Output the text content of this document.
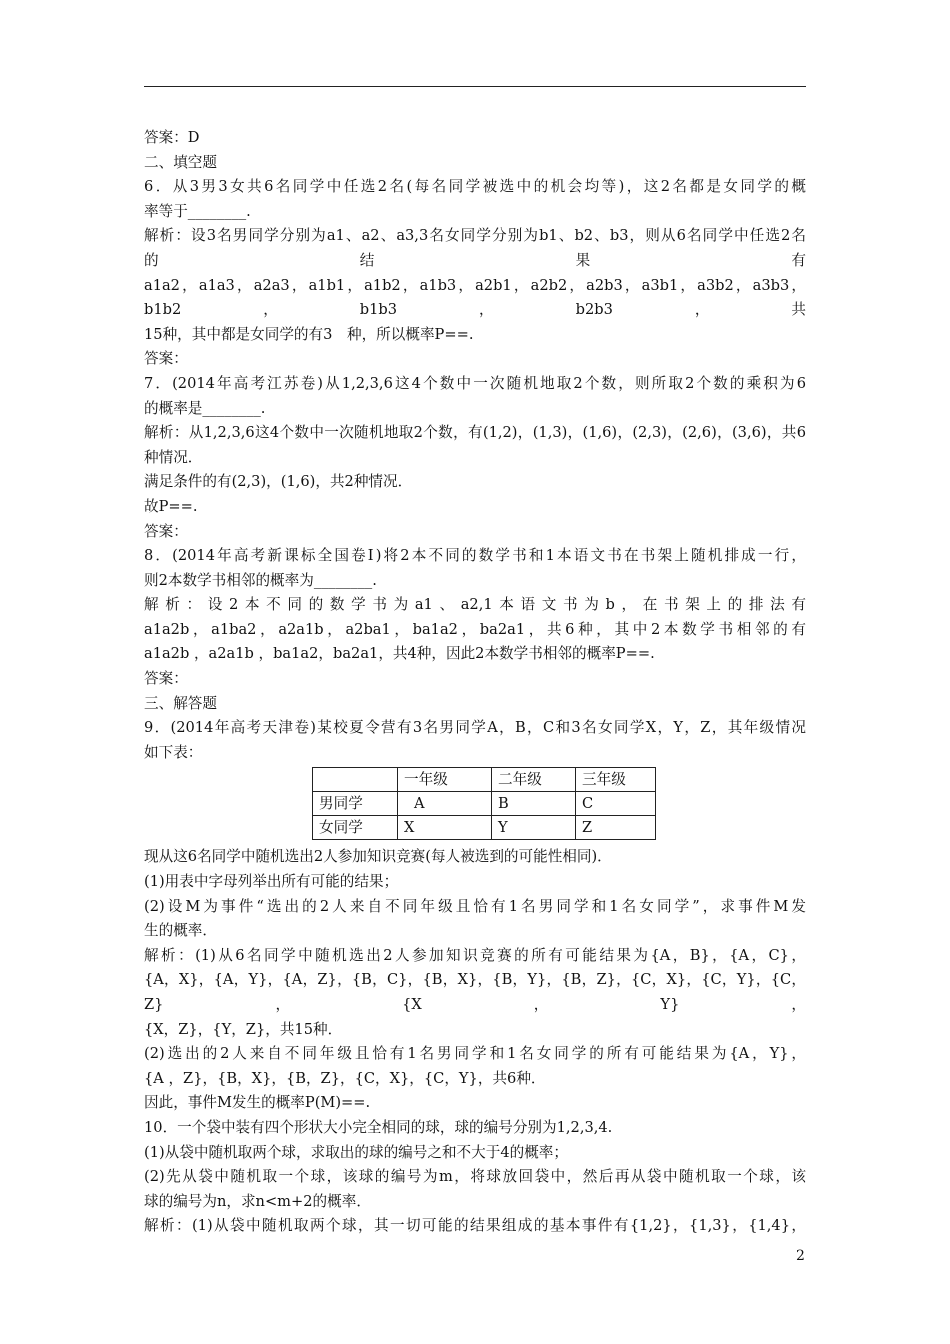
答案：D

二、填空题

6．从3男3女共6名同学中任选2名(每名同学被选中的机会均等)，这2名都是女同学的概

率等于________.

解析：设3名男同学分别为a1、a2、a3,3名女同学分别为b1、b2、b3，则从6名同学中任选2名

的 结 果 有

a1a2，a1a3，a2a3，a1b1，a1b2，a1b3，a2b1，a2b2，a2b3，a3b1，a3b2，a3b3，b1b2，b1b3，b2b3，共

15种，其中都是女同学的有3　种，所以概率P==.

答案：

7．(2014年高考江苏卷)从1,2,3,6这4个数中一次随机地取2个数，则所取2个数的乘积为6

的概率是________.

解析：从1,2,3,6这4个数中一次随机地取2个数，有(1,2)，(1,3)，(1,6)，(2,3)，(2,6)，(3,6)，共6

种情况．

满足条件的有(2,3)，(1,6)，共2种情况．

故P==.

答案：

8．(2014年高考新课标全国卷Ⅰ)将2本不同的数学书和1本语文书在书架上随机排成一行，

则2本数学书相邻的概率为________.

解析：设2本不同的数学书为a1、a2,1本语文书为b，在书架上的排法有

a1a2b，a1ba2，a2a1b，a2ba1，ba1a2，ba2a1，共6种，其中2本数学书相邻的有

a1a2b ，a2a1b ，ba1a2，ba2a1，共4种，因此2本数学书相邻的概率P==.

答案：

三、解答题

9．(2014年高考天津卷)某校夏令营有3名男同学A，B，C和3名女同学X，Y，Z，其年级情况

如下表：

	一年级	二年级	三年级
男同学	A	B	C
女同学	X	Y	Z

现从这6名同学中随机选出2人参加知识竞赛(每人被选到的可能性相同)．

(1)用表中字母列举出所有可能的结果；

(2)设M为事件“选出的2人来自不同年级且恰有1名男同学和1名女同学”，求事件M发

生的概率．

解析：(1)从6名同学中随机选出2人参加知识竞赛的所有可能结果为{A，B}，{A，C}，

{A，X}，{A，Y}，{A，Z}，{B，C}，{B，X}，{B，Y}，{B，Z}，{C，X}，{C，Y}，{C，Z}，{X，Y}，

{X，Z}，{Y，Z}，共15种．

(2)选出的2人来自不同年级且恰有1名男同学和1名女同学的所有可能结果为{A，Y}，

{A ，Z}，{B，X}，{B，Z}，{C，X}，{C，Y}，共6种．

因此，事件M发生的概率P(M)==.

10．一个袋中装有四个形状大小完全相同的球，球的编号分别为1,2,3,4.

(1)从袋中随机取两个球，求取出的球的编号之和不大于4的概率；

(2)先从袋中随机取一个球，该球的编号为m，将球放回袋中，然后再从袋中随机取一个球，该

球的编号为n，求n<m+2的概率．

解析：(1)从袋中随机取两个球，其一切可能的结果组成的基本事件有{1,2}，{1,3}，{1,4}，

2
